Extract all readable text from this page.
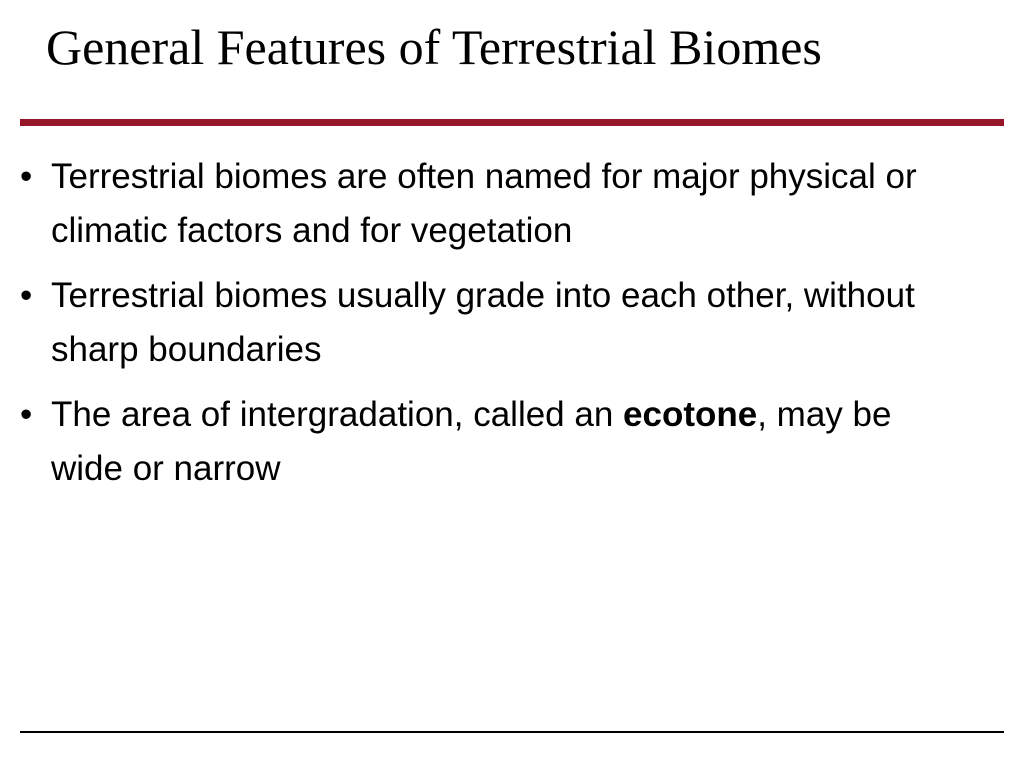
General Features of Terrestrial Biomes
• Terrestrial biomes are often named for major physical or climatic factors and for vegetation
• Terrestrial biomes usually grade into each other, without sharp boundaries
• The area of intergradation, called an ecotone, may be wide or narrow
